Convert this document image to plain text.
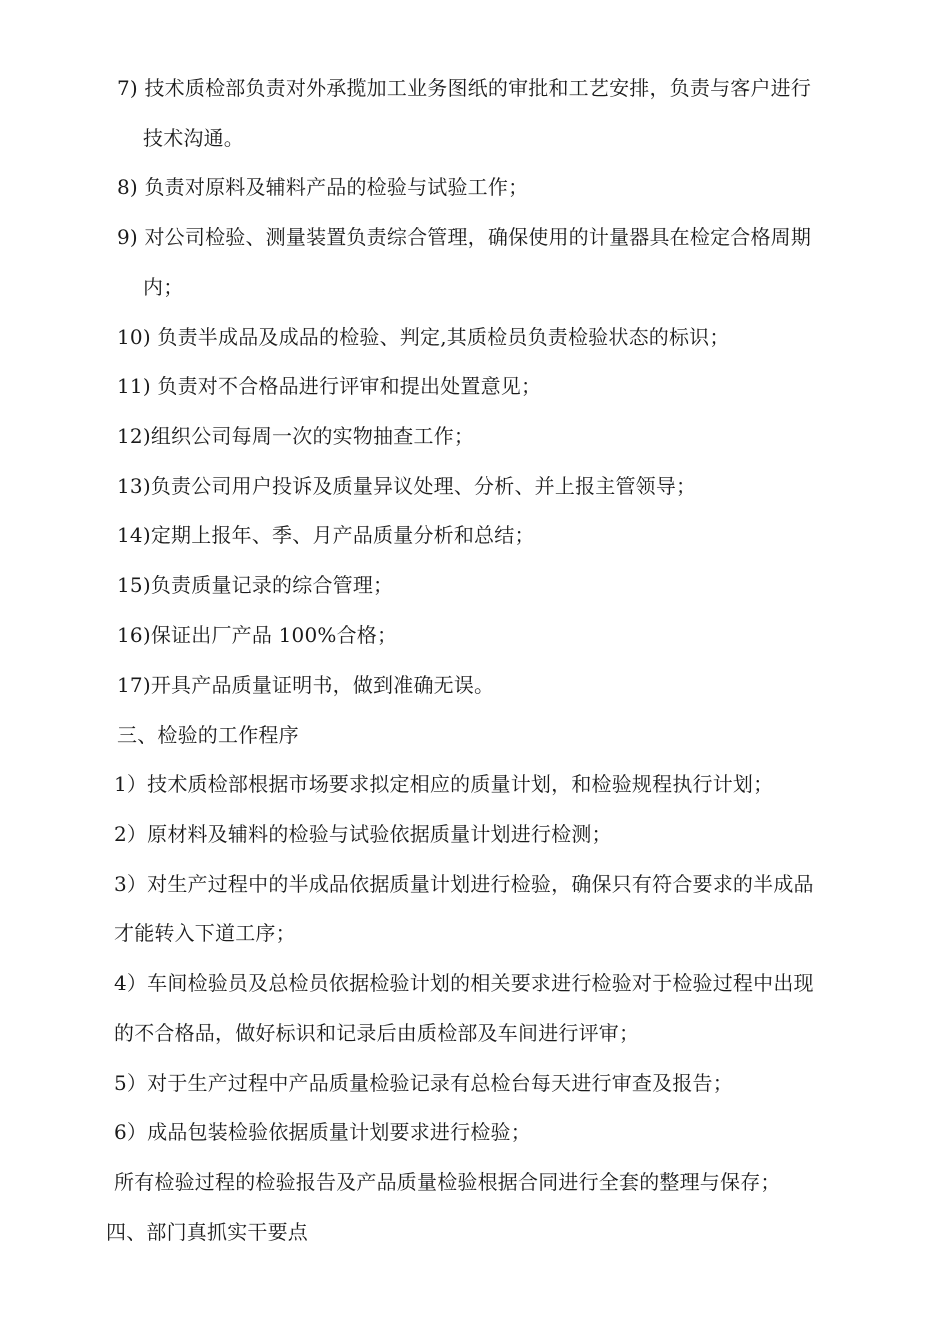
7) 技术质检部负责对外承揽加工业务图纸的审批和工艺安排，负责与客户进行
技术沟通。
8) 负责对原料及辅料产品的检验与试验工作；
9) 对公司检验、测量装置负责综合管理，确保使用的计量器具在检定合格周期
内；
10) 负责半成品及成品的检验、判定,其质检员负责检验状态的标识；
11) 负责对不合格品进行评审和提出处置意见；
12)组织公司每周一次的实物抽查工作；
13)负责公司用户投诉及质量异议处理、分析、并上报主管领导；
14)定期上报年、季、月产品质量分析和总结；
15)负责质量记录的综合管理；
16)保证出厂产品 100%合格；
17)开具产品质量证明书，做到准确无误。
三、检验的工作程序
1）技术质检部根据市场要求拟定相应的质量计划，和检验规程执行计划；
2）原材料及辅料的检验与试验依据质量计划进行检测；
3）对生产过程中的半成品依据质量计划进行检验，确保只有符合要求的半成品
才能转入下道工序；
4）车间检验员及总检员依据检验计划的相关要求进行检验对于检验过程中出现
的不合格品，做好标识和记录后由质检部及车间进行评审；
5）对于生产过程中产品质量检验记录有总检台每天进行审查及报告；
6）成品包装检验依据质量计划要求进行检验；
所有检验过程的检验报告及产品质量检验根据合同进行全套的整理与保存；
四、部门真抓实干要点
